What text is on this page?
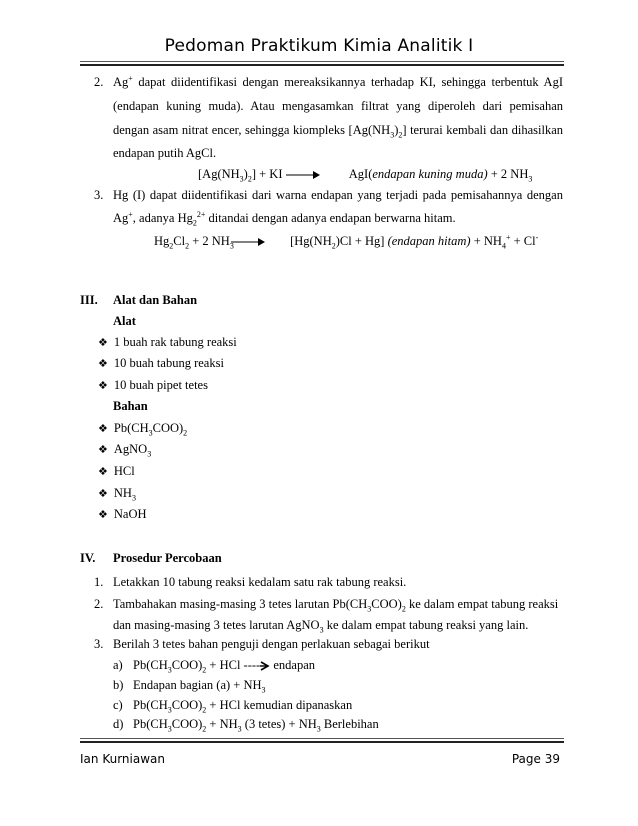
Pedoman Praktikum Kimia Analitik I
2. Ag+ dapat diidentifikasi dengan mereaksikannya terhadap KI, sehingga terbentuk AgI
(endapan kuning muda). Atau mengasamkan filtrat yang diperoleh dari pemisahan
dengan asam nitrat encer, sehingga kiompleks $[Ag(NH_3)_2]$ terurai kembali dan dihasilkan
endapan putih AgCl.
$[Ag(NH_3)_2]$ + KI → AgI(endapan kuning muda) + 2 $NH_3$
3. Hg (I) dapat diidentifikasi dari warna endapan yang terjadi pada pemisahannya dengan
Ag+, adanya $Hg_2^{2+}$ ditandai dengan adanya endapan berwarna hitam.
$Hg_2Cl_2 + 2$ $NH_3$	$[Hg(NH_2)Cl + Hg]$ (endapan hitam) + $NH_4^+ + Cl^-$
III. Alat dan Bahan
Alat
❖ 1 buah rak tabung reaksi
❖ 10 buah tabung reaksi
❖ 10 buah pipet tetes
Bahan
❖ $Pb(CH_3COO)_2$
❖ AgNO$_3$
❖ HCl
❖ $NH_3$
❖ NaOH
IV. Prosedur Percobaan
1. Letakkan 10 tabung reaksi kedalam satu rak tabung reaksi.
2. Tambahakan masing-masing 3 tetes larutan $Pb(CH_3COO)_2$ ke dalam empat tabung reaksi
dan masing-masing 3 tetes larutan AgNO$_3$ ke dalam empat tabung reaksi yang lain.
3. Berilah 3 tetes bahan penguji dengan perlakuan sebagai berikut
a) $Pb(CH_3COO)_2$ + HCl ---- endapan
b) Endapan bagian $(a) + NH_3$
c) $Pb(CH_3COO)_2$ + HCl kemudian dipanaskan
d) $Pb(CH_3COO)_2 + NH_3$ (3 tetes) + $NH_3$ Berlebihan
Ian Kurniawan	Page 39
